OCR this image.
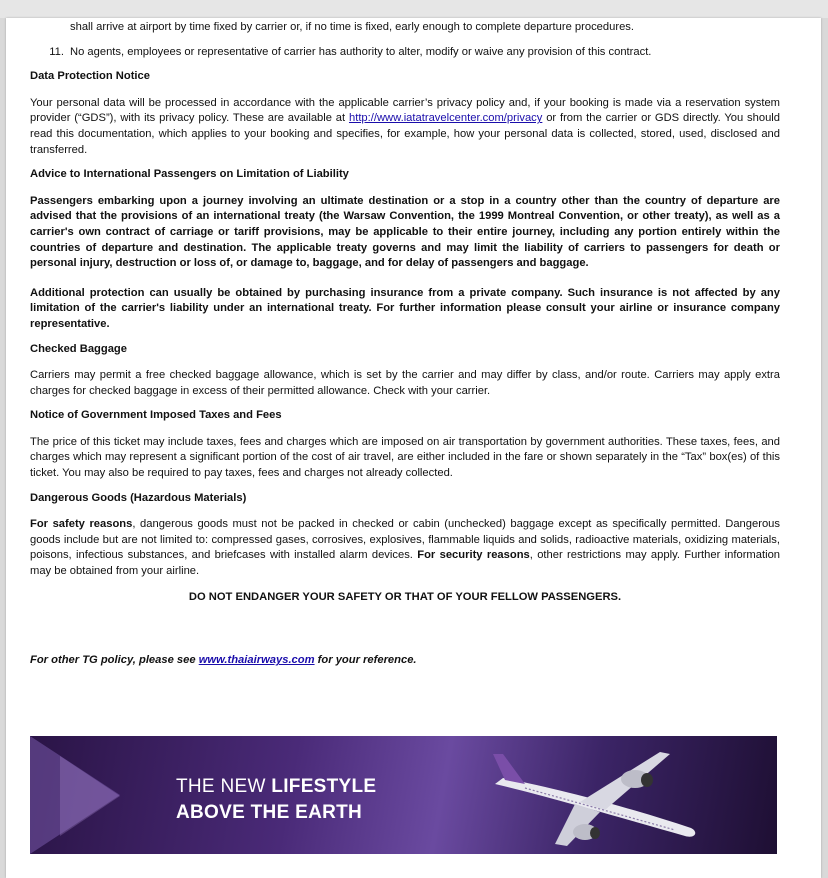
shall arrive at airport by time fixed by carrier or, if no time is fixed, early enough to complete departure procedures.

11. No agents, employees or representative of carrier has authority to alter, modify or waive any provision of this contract.

Data Protection Notice

Your personal data will be processed in accordance with the applicable carrier’s privacy policy and, if your booking is made via a reservation system provider (“GDS”), with its privacy policy. These are available at http://www.iatatravelcenter.com/privacy or from the carrier or GDS directly. You should read this documentation, which applies to your booking and specifies, for example, how your personal data is collected, stored, used, disclosed and transferred.

Advice to International Passengers on Limitation of Liability

Passengers embarking upon a journey involving an ultimate destination or a stop in a country other than the country of departure are advised that the provisions of an international treaty (the Warsaw Convention, the 1999 Montreal Convention, or other treaty), as well as a carrier's own contract of carriage or tariff provisions, may be applicable to their entire journey, including any portion entirely within the countries of departure and destination. The applicable treaty governs and may limit the liability of carriers to passengers for death or personal injury, destruction or loss of, or damage to, baggage, and for delay of passengers and baggage.

Additional protection can usually be obtained by purchasing insurance from a private company. Such insurance is not affected by any limitation of the carrier's liability under an international treaty. For further information please consult your airline or insurance company representative.

Checked Baggage

Carriers may permit a free checked baggage allowance, which is set by the carrier and may differ by class, and/or route. Carriers may apply extra charges for checked baggage in excess of their permitted allowance. Check with your carrier.

Notice of Government Imposed Taxes and Fees

The price of this ticket may include taxes, fees and charges which are imposed on air transportation by government authorities. These taxes, fees, and charges which may represent a significant portion of the cost of air travel, are either included in the fare or shown separately in the “Tax” box(es) of this ticket. You may also be required to pay taxes, fees and charges not already collected.

Dangerous Goods (Hazardous Materials)

For safety reasons, dangerous goods must not be packed in checked or cabin (unchecked) baggage except as specifically permitted. Dangerous goods include but are not limited to: compressed gases, corrosives, explosives, flammable liquids and solids, radioactive materials, oxidizing materials, poisons, infectious substances, and briefcases with installed alarm devices. For security reasons, other restrictions may apply. Further information may be obtained from your airline.

DO NOT ENDANGER YOUR SAFETY OR THAT OF YOUR FELLOW PASSENGERS.

For other TG policy, please see www.thaiairways.com for your reference.

THE NEW LIFESTYLE
ABOVE THE EARTH
